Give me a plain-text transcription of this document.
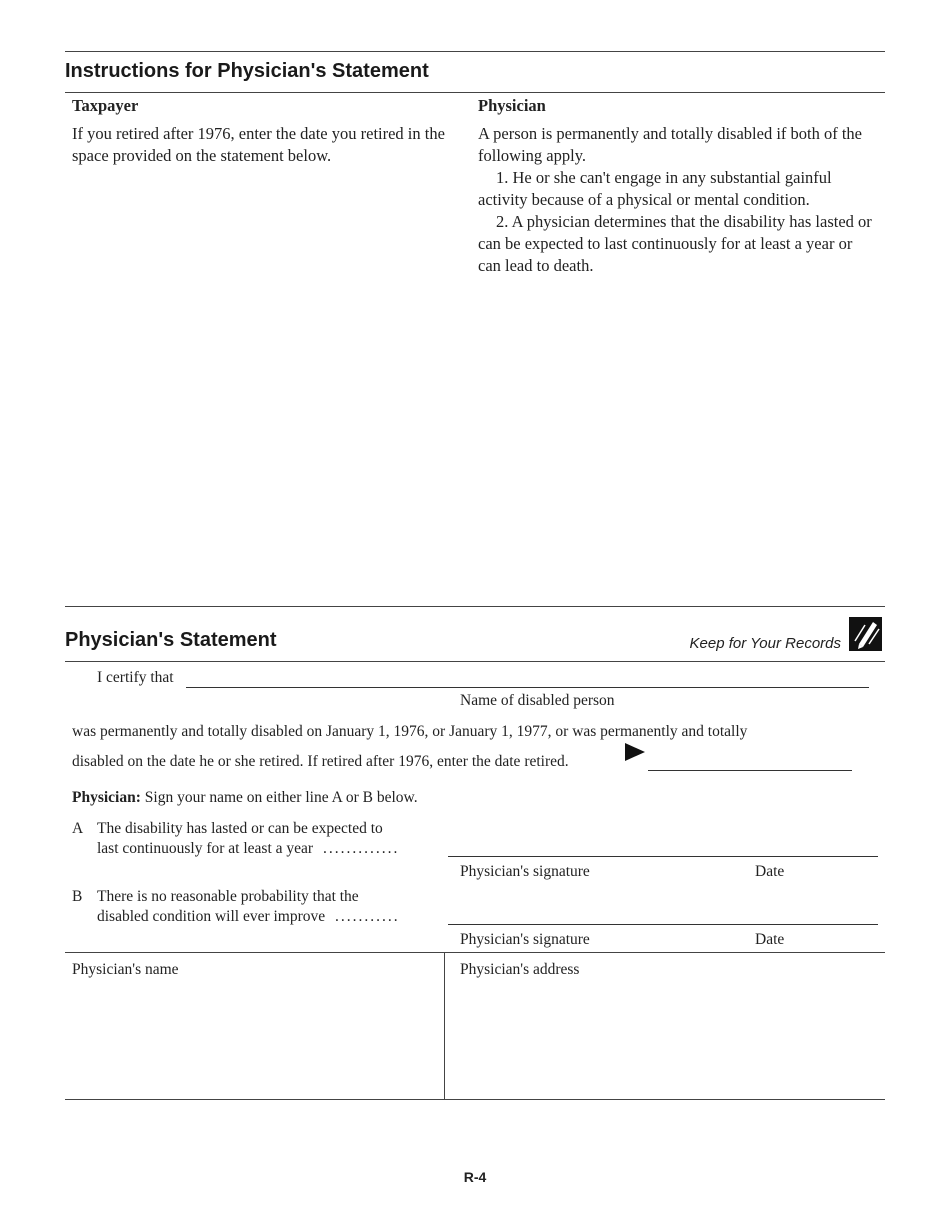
Instructions for Physician's Statement
Taxpayer
If you retired after 1976, enter the date you retired in the space provided on the statement below.
Physician
A person is permanently and totally disabled if both of the following apply.
1. He or she can't engage in any substantial gainful activity because of a physical or mental condition.
2. A physician determines that the disability has lasted or can be expected to last continuously for at least a year or can lead to death.
Physician's Statement	Keep for Your Records
I certify that
Name of disabled person
was permanently and totally disabled on January 1, 1976, or January 1, 1977, or was permanently and totally
disabled on the date he or she retired. If retired after 1976, enter the date retired.
Physician: Sign your name on either line A or B below.
A The disability has lasted or can be expected to
last continuously for at least a year .............
Physician's signature	Date
B There is no reasonable probability that the
disabled condition will ever improve ...........
Physician's signature	Date
Physician's name	Physician's address
R-4
